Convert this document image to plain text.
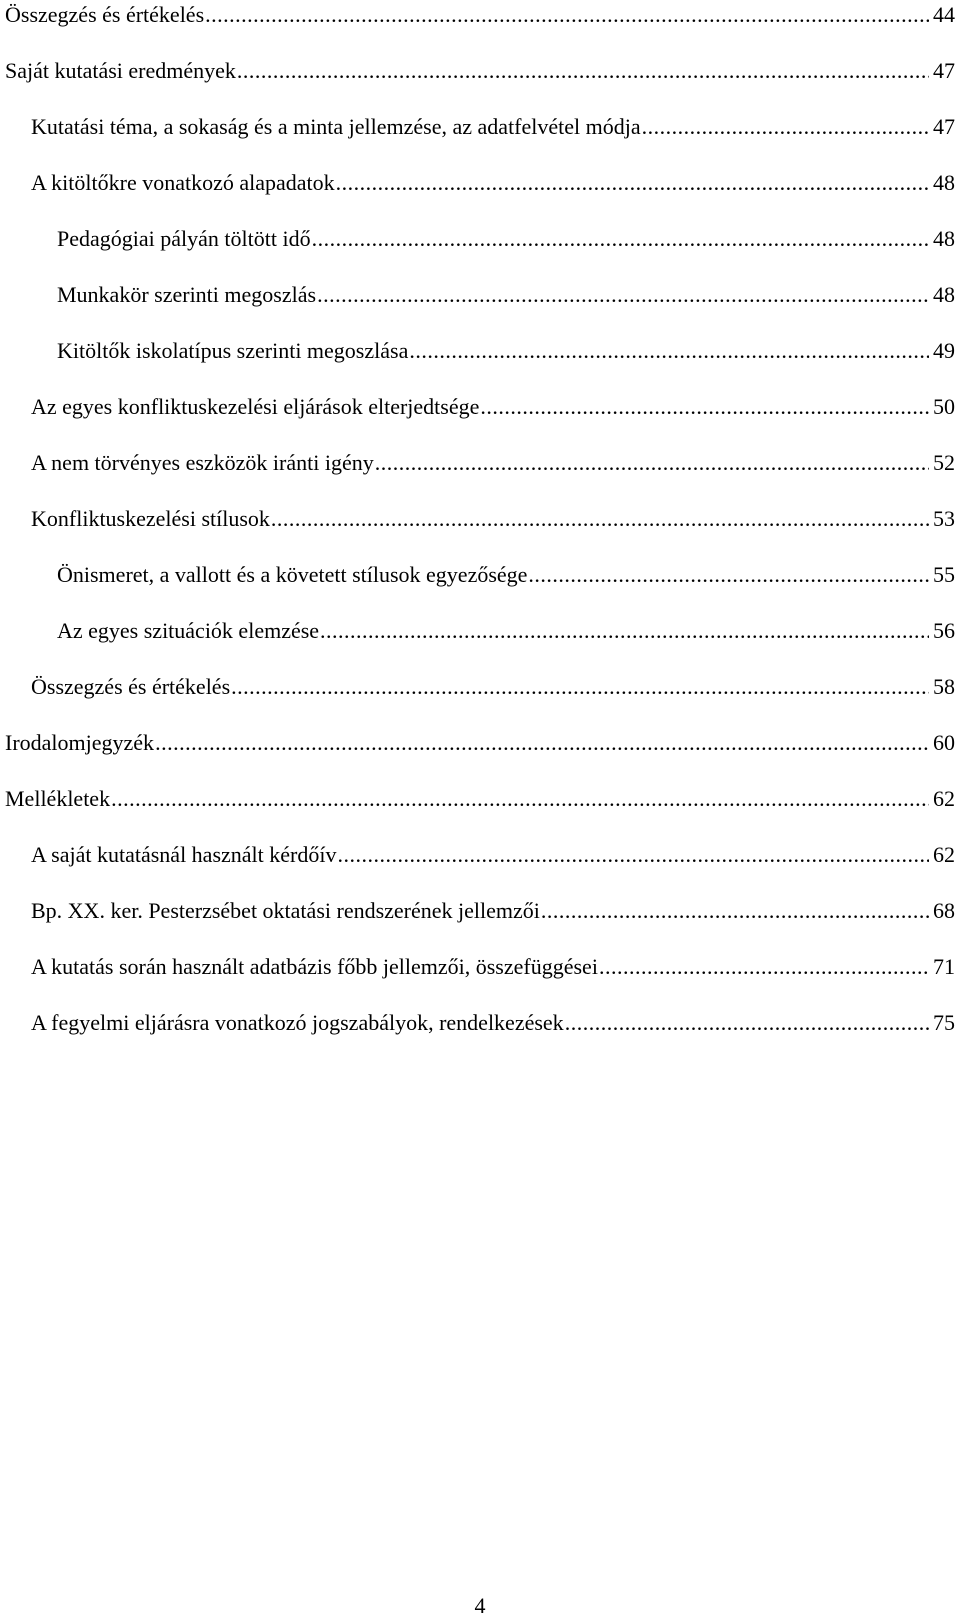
Összegzés és értékelés .....	44
Saját kutatási eredmények .....	47
Kutatási téma, a sokaság és a minta jellemzése, az adatfelvétel módja .....	47
A kitöltőkre vonatkozó alapadatok .....	48
Pedagógiai pályán töltött idő .....	48
Munkakör szerinti megoszlás .....	48
Kitöltők iskolatípus szerinti megoszlása .....	49
Az egyes konfliktuskezelési eljárások elterjedtsége .....	50
A nem törvényes eszközök iránti igény .....	52
Konfliktuskezelési stílusok .....	53
Önismeret, a vallott és a követett stílusok egyezősége .....	55
Az egyes szituációk elemzése .....	56
Összegzés és értékelés .....	58
Irodalomjegyzék .....	60
Mellékletek .....	62
A saját kutatásnál használt kérdőív .....	62
Bp. XX. ker. Pesterzsébet oktatási rendszerének jellemzői .....	68
A kutatás során használt adatbázis főbb jellemzői, összefüggései .....	71
A fegyelmi eljárásra vonatkozó jogszabályok, rendelkezések .....	75
4
